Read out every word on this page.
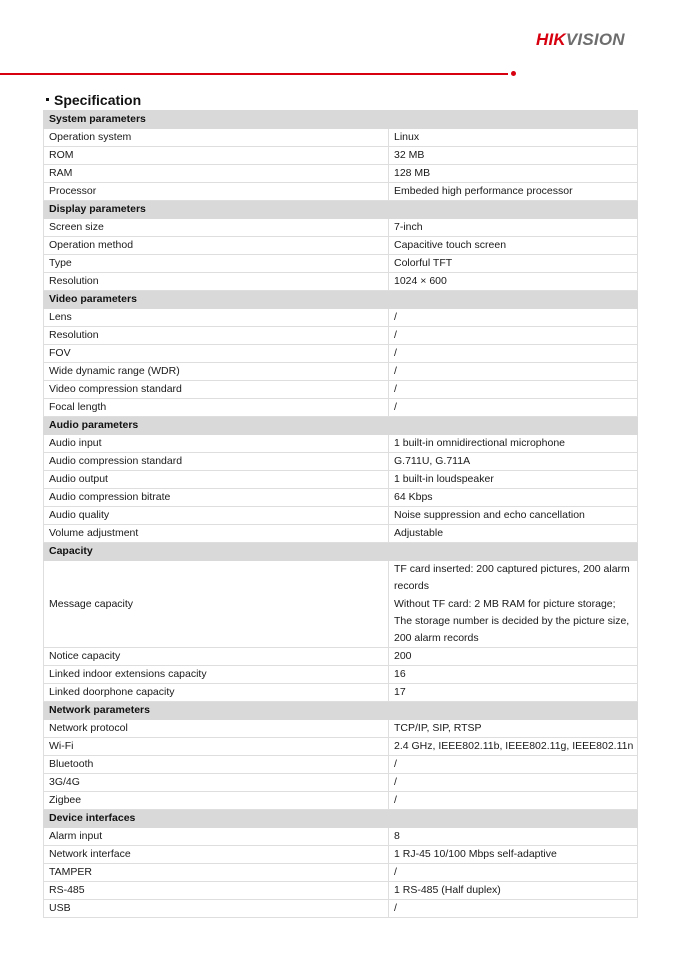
HIKVISION
Specification
System parameters	
Operation system	Linux
ROM	32 MB
RAM	128 MB
Processor	Embeded high performance processor
Display parameters	
Screen size	7-inch
Operation method	Capacitive touch screen
Type	Colorful TFT
Resolution	1024 × 600
Video parameters	
Lens	/
Resolution	/
FOV	/
Wide dynamic range (WDR)	/
Video compression standard	/
Focal length	/
Audio parameters	
Audio input	1 built-in omnidirectional microphone
Audio compression standard	G.711U, G.711A
Audio output	1 built-in loudspeaker
Audio compression bitrate	64 Kbps
Audio quality	Noise suppression and echo cancellation
Volume adjustment	Adjustable
Capacity	
Message capacity	TF card inserted: 200 captured pictures, 200 alarm
records
Without TF card: 2 MB RAM for picture storage;
The storage number is decided by the picture size,
200 alarm records

Notice capacity	200
Linked indoor extensions capacity	16
Linked doorphone capacity	17
Network parameters	
Network protocol	TCP/IP, SIP, RTSP
Wi-Fi	2.4 GHz, IEEE802.11b, IEEE802.11g, IEEE802.11n
Bluetooth	/
3G/4G	/
Zigbee	/
Device interfaces	
Alarm input	8
Network interface	1 RJ-45 10/100 Mbps self-adaptive
TAMPER	/
RS-485	1 RS-485 (Half duplex)
USB	/
